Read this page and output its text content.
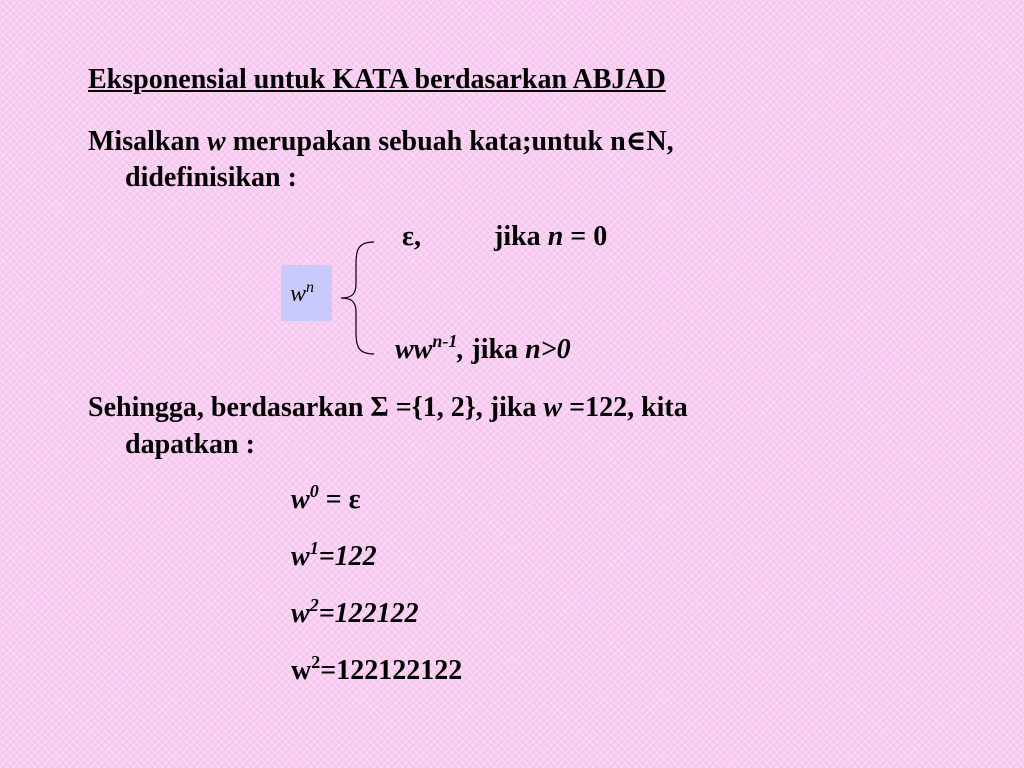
Eksponensial untuk KATA berdasarkan ABJAD
Misalkan w merupakan sebuah kata;untuk n∈N,
didefinisikan :
$w^n$
ε,	jika n = 0
$ww^{n-1}$, jika n>0
Sehingga, berdasarkan Σ ={1, 2}, jika w =122, kita
dapatkan :
$w^0 = \varepsilon$
$w^1=122$
$w^2=122122$
$w^2=122122122$
